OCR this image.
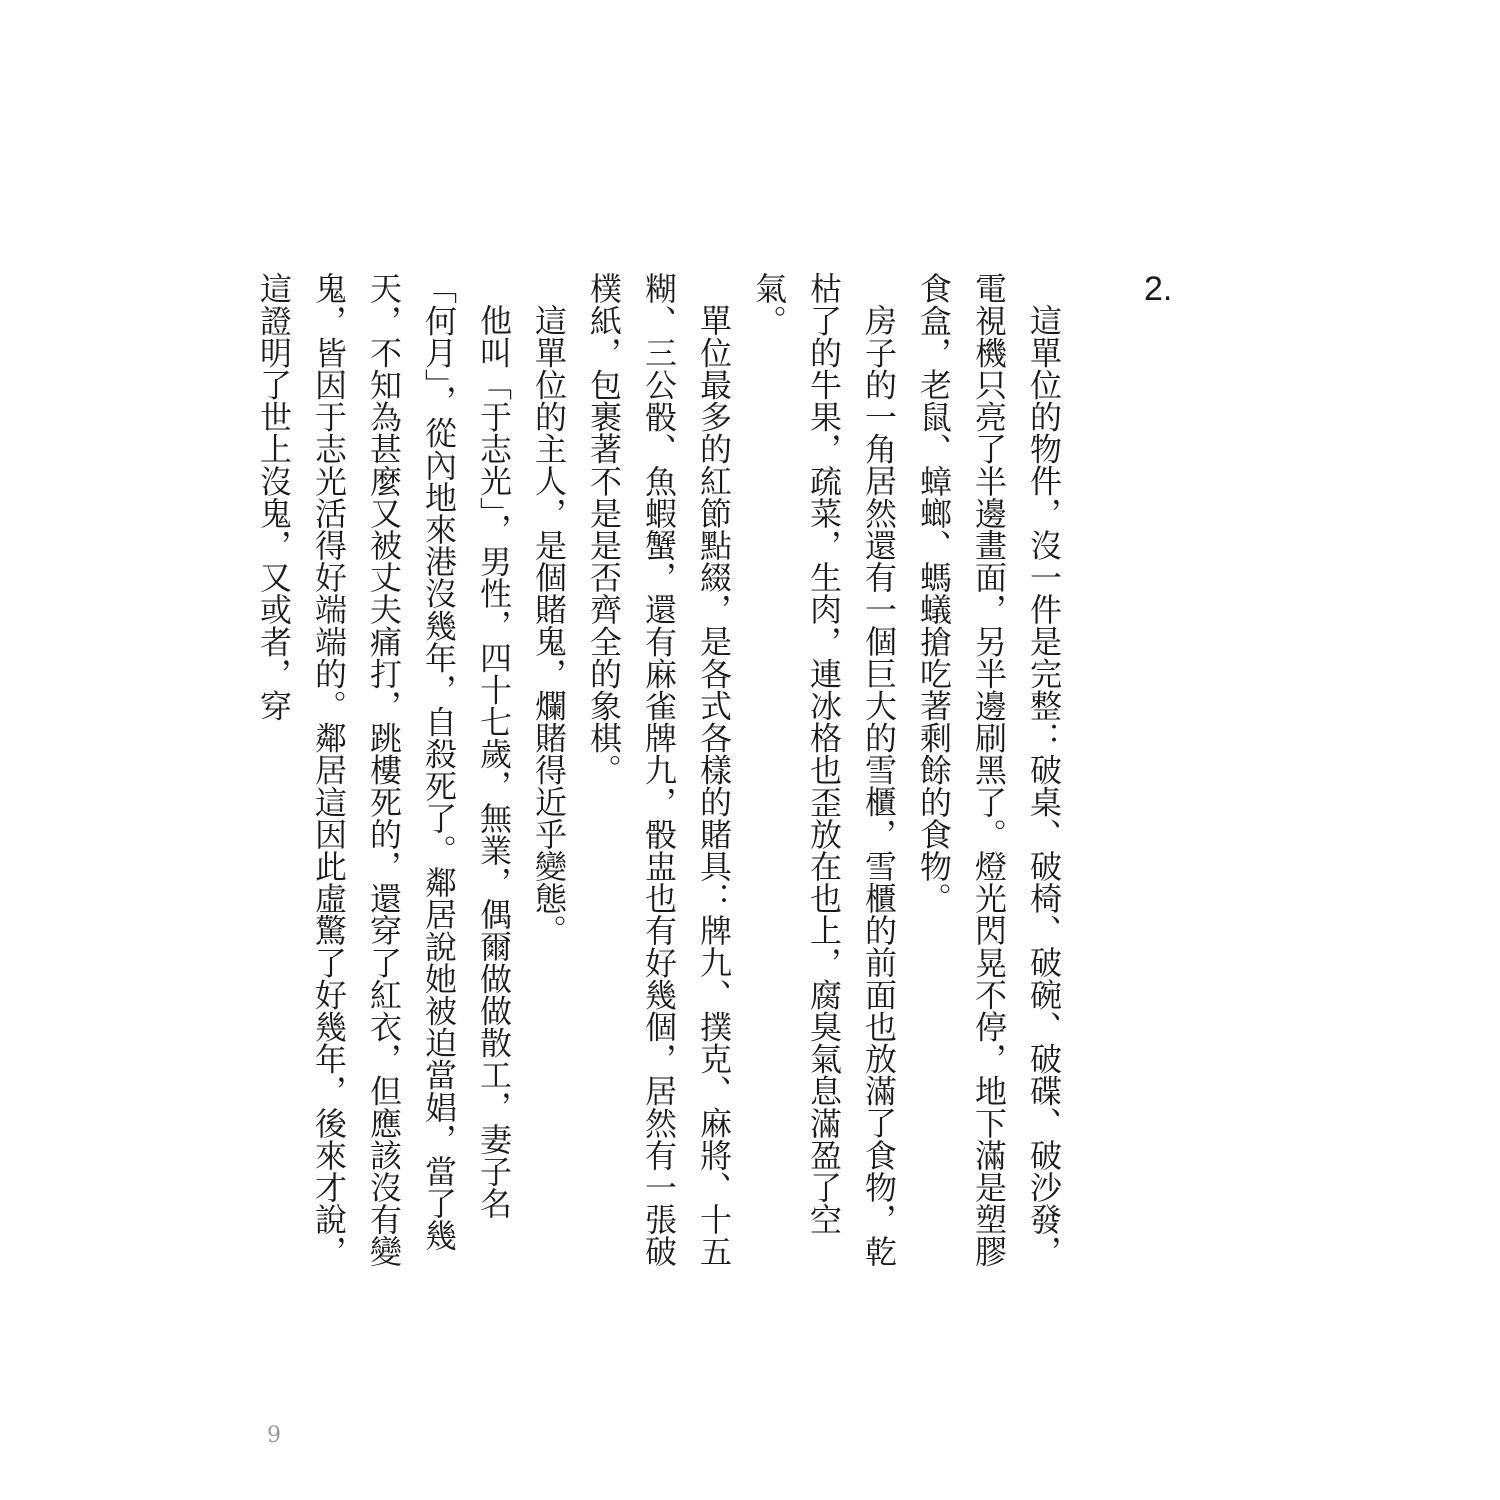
2.

這單位的物件，沒一件是完整：破桌、破椅、破碗、破碟、破沙發，電視機只亮了半邊畫面，另半邊刷黑了。燈光閃晃不停，地下滿是塑膠食盒，老鼠、蟑螂、螞蟻搶吃著剩餘的食物。

房子的一角居然還有一個巨大的雪櫃，雪櫃的前面也放滿了食物，乾枯了的牛果，疏菜，生肉，連冰格也歪放在也上，腐臭氣息滿盈了空氣。

單位最多的紅節點綴，是各式各樣的賭具：牌九、撲克、麻將、十五糊、三公骰、魚蝦蟹，還有麻雀牌九，骰盅也有好幾個，居然有一張破樸紙，包裹著不是是否齊全的象棋。

這單位的主人，是個賭鬼，爛賭得近乎變態。

他叫「于志光」，男性，四十七歲，無業，偶爾做做散工，妻子名「何月」，從內地來港沒幾年，自殺死了。鄰居說她被迫當娼，當了幾天，不知為甚麼又被丈夫痛打，跳樓死的，還穿了紅衣，但應該沒有變鬼，皆因于志光活得好端端的。鄰居這因此虛驚了好幾年，後來才說，這證明了世上沒鬼，又或者，穿

9
